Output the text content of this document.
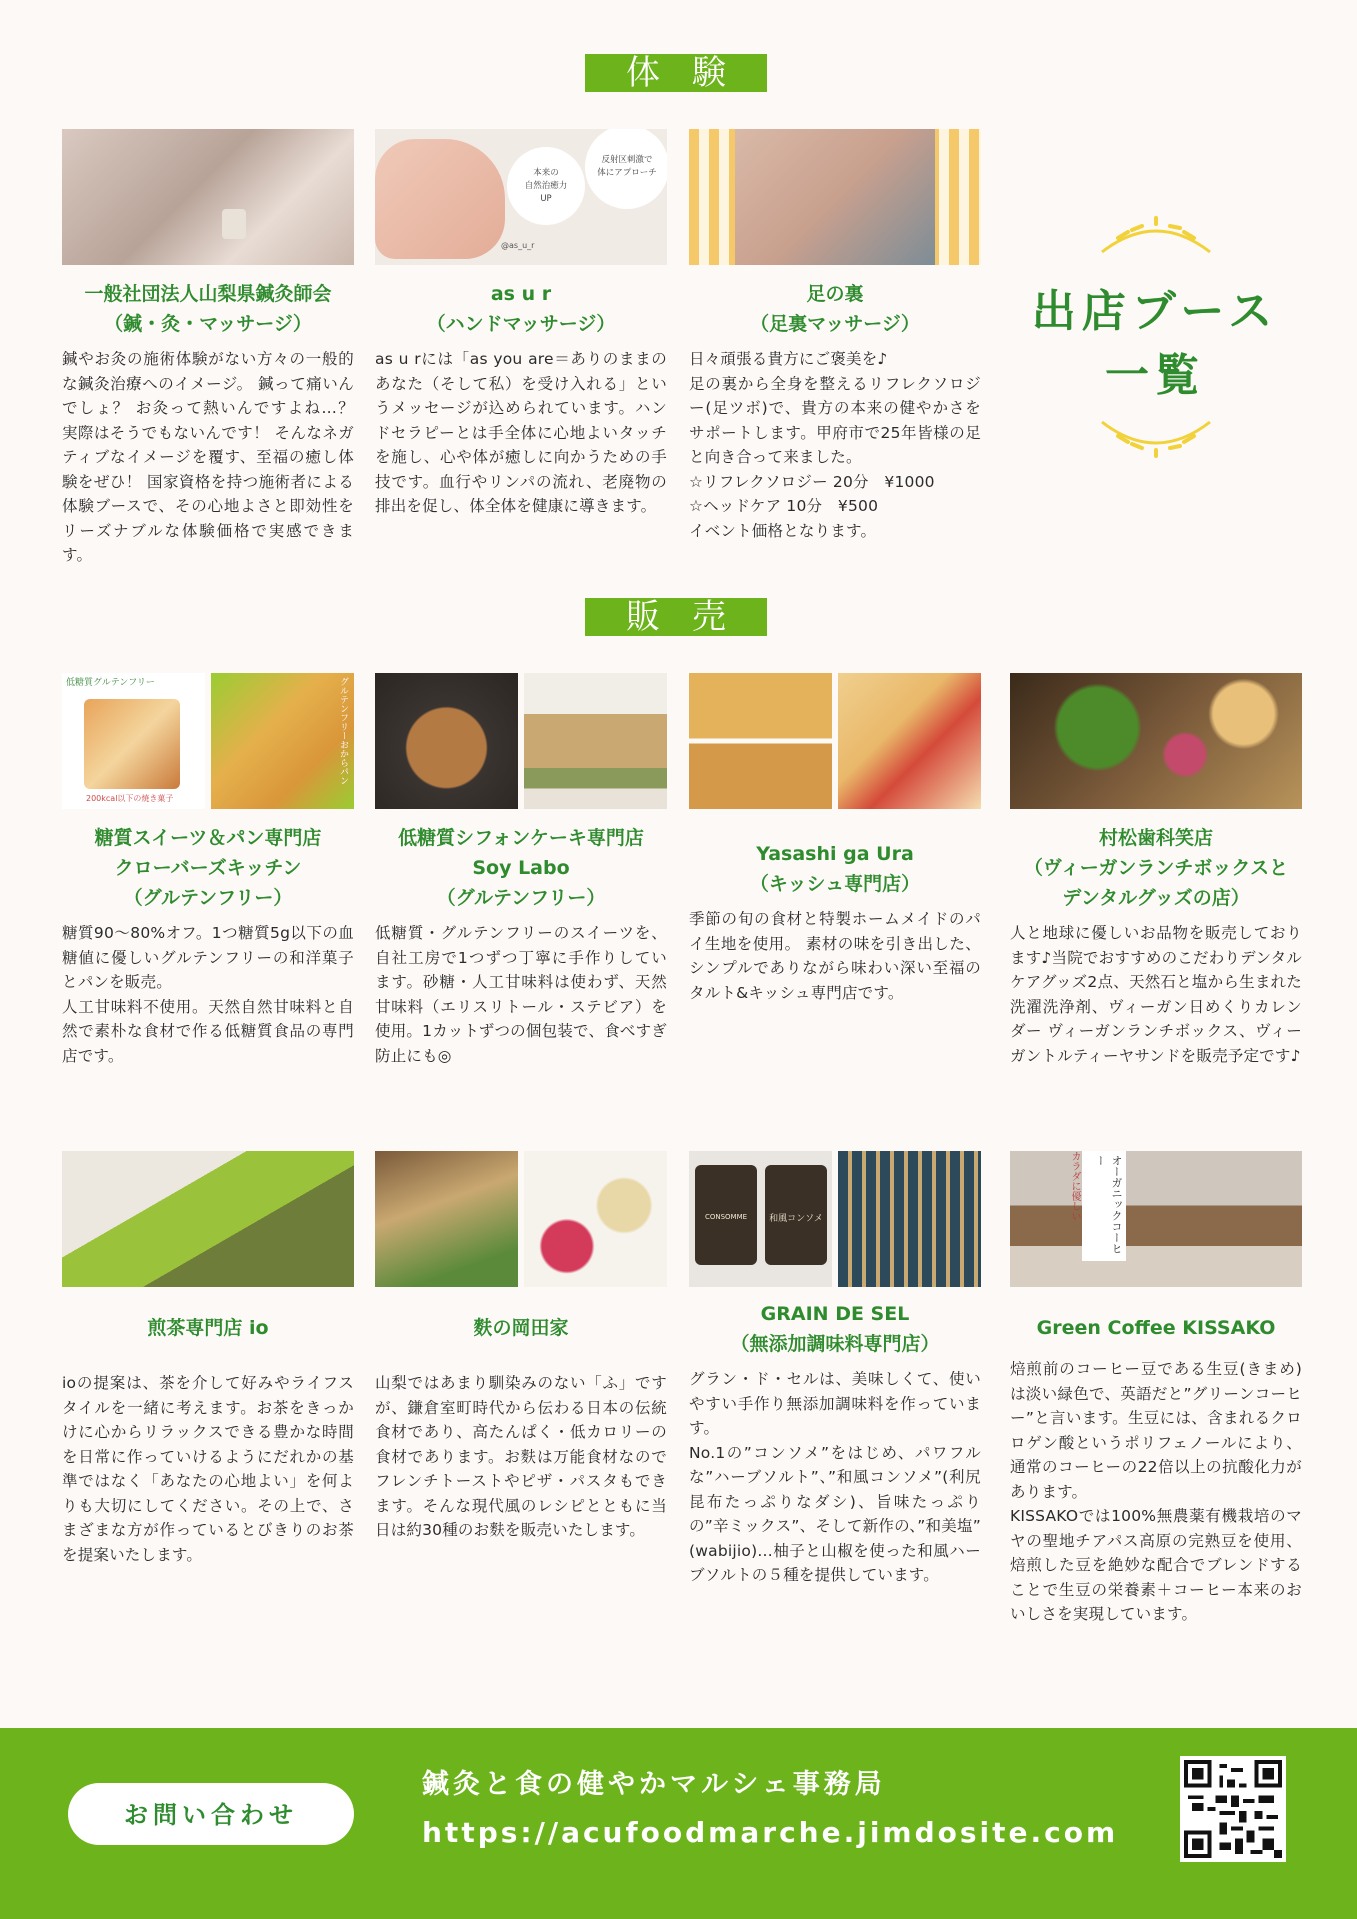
体験
販売
一般社団法人山梨県鍼灸師会
（鍼・灸・マッサージ）
鍼やお灸の施術体験がない方々の一般的な鍼灸治療へのイメージ。 鍼って痛いんでしょ？ お灸って熱いんですよね…？ 実際はそうでもないんです！ そんなネガティブなイメージを覆す、至福の癒し体験をぜひ！ 国家資格を持つ施術者による体験ブースで、その心地よさと即効性をリーズナブルな体験価格で実感できます。
本来の
自然治癒力
UP
反射区刺激で
体にアプローチ
@as_u_r
as u r
（ハンドマッサージ）
as u rには「as you are＝ありのままのあなた（そして私）を受け入れる」というメッセージが込められています。ハンドセラピーとは手全体に心地よいタッチを施し、心や体が癒しに向かうための手技です。血行やリンパの流れ、老廃物の排出を促し、体全体を健康に導きます。
足の裏
（足裏マッサージ）
日々頑張る貴方にご褒美を♪
足の裏から全身を整えるリフレクソロジー(足ツボ)で、貴方の本来の健やかさをサポートします。甲府市で25年皆様の足と向き合って来ました。
☆リフレクソロジー 20分　¥1000
☆ヘッドケア 10分　¥500
イベント価格となります。
出店ブース
一覧
低糖質グルテンフリー
200kcal以下の焼き菓子
グルテンフリーおからパン
糖質スイーツ＆パン専門店
クローバーズキッチン
（グルテンフリー）
糖質90～80%オフ。1つ糖質5g以下の血糖値に優しいグルテンフリーの和洋菓子とパンを販売。
人工甘味料不使用。天然自然甘味料と自然で素朴な食材で作る低糖質食品の専門店です。
低糖質シフォンケーキ専門店
Soy Labo
（グルテンフリー）
低糖質・グルテンフリーのスイーツを、自社工房で1つずつ丁寧に手作りしています。砂糖・人工甘味料は使わず、天然甘味料（エリスリトール・ステビア）を使用。1カットずつの個包装で、食べすぎ防止にも◎
Yasashi ga Ura
（キッシュ専門店）
季節の旬の食材と特製ホームメイドのパイ生地を使用。 素材の味を引き出した、シンプルでありながら味わい深い至福のタルト&キッシュ専門店です。
村松歯科笑店
（ヴィーガンランチボックスと
デンタルグッズの店）
人と地球に優しいお品物を販売しております♪当院でおすすめのこだわりデンタルケアグッズ2点、天然石と塩から生まれた洗濯洗浄剤、ヴィーガン日めくりカレンダー ヴィーガンランチボックス、ヴィーガントルティーヤサンドを販売予定です♪
煎茶専門店 io
ioの提案は、茶を介して好みやライフスタイルを一緒に考えます。お茶をきっかけに心からリラックスできる豊かな時間を日常に作っていけるようにだれかの基準ではなく「あなたの心地よい」を何よりも大切にしてください。その上で、さまざまな方が作っているとびきりのお茶を提案いたします。
麩の岡田家
山梨ではあまり馴染みのない「ふ」ですが、鎌倉室町時代から伝わる日本の伝統食材であり、高たんぱく・低カロリーの食材であります。お麩は万能食材なのでフレンチトーストやピザ・パスタもできます。そんな現代風のレシピとともに当日は約30種のお麩を販売いたします。
CONSOMME	和風コンソメ
GRAIN DE SEL
（無添加調味料専門店）
グラン・ド・セルは、美味しくて、使いやすい手作り無添加調味料を作っています。
No.1の”コンソメ”をはじめ、パワフルな”ハーブソルト”、”和風コンソメ”(利尻昆布たっぷりなダシ)、旨味たっぷりの”辛ミックス”、そして新作の、”和美塩” (wabijio)…柚子と山椒を使った和風ハーブソルトの５種を提供しています。
オーガニックコーヒー
カラダに優しい
Green Coffee KISSAKO
焙煎前のコーヒー豆である生豆(きまめ)は淡い緑色で、英語だと”グリーンコーヒー”と言います。生豆には、含まれるクロロゲン酸というポリフェノールにより、通常のコーヒーの22倍以上の抗酸化力があります。
KISSAKOでは100%無農薬有機栽培のマヤの聖地チアパス高原の完熟豆を使用、焙煎した豆を絶妙な配合でブレンドすることで生豆の栄養素＋コーヒー本来のおいしさを実現しています。
お問い合わせ
鍼灸と食の健やかマルシェ事務局
https://acufoodmarche.jimdosite.com
